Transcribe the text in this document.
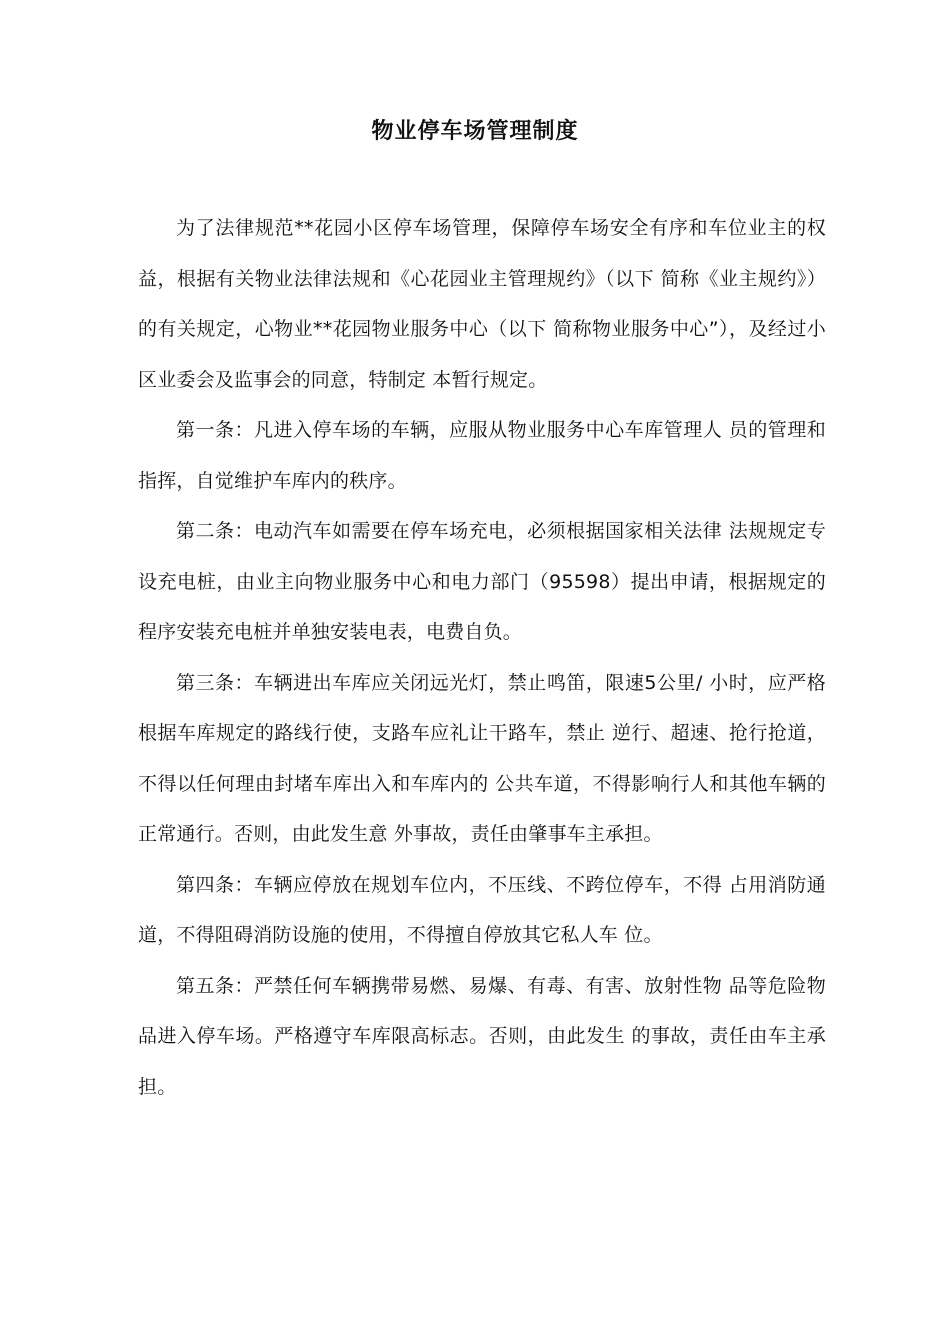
物业停车场管理制度

为了法律规范**花园小区停车场管理，保障停车场安全有序和车位业主的权益，根据有关物业法律法规和《心花园业主管理规约》（以下 简称《业主规约》）的有关规定，心物业**花园物业服务中心（以下 简称物业服务中心”），及经过小区业委会及监事会的同意，特制定 本暂行规定。

第一条：凡进入停车场的车辆，应服从物业服务中心车库管理人 员的管理和指挥，自觉维护车库内的秩序。

第二条：电动汽车如需要在停车场充电，必须根据国家相关法律 法规规定专设充电桩，由业主向物业服务中心和电力部门（95598）提出申请，根据规定的程序安装充电桩并单独安装电表，电费自负。

第三条：车辆进出车库应关闭远光灯，禁止鸣笛，限速5公里/ 小时，应严格根据车库规定的路线行使，支路车应礼让干路车，禁止 逆行、超速、抢行抢道，不得以任何理由封堵车库出入和车库内的 公共车道，不得影响行人和其他车辆的正常通行。否则，由此发生意 外事故，责任由肇事车主承担。

第四条：车辆应停放在规划车位内，不压线、不跨位停车，不得 占用消防通道，不得阻碍消防设施的使用，不得擅自停放其它私人车 位。

第五条：严禁任何车辆携带易燃、易爆、有毒、有害、放射性物 品等危险物品进入停车场。严格遵守车库限高标志。否则，由此发生 的事故，责任由车主承担。
